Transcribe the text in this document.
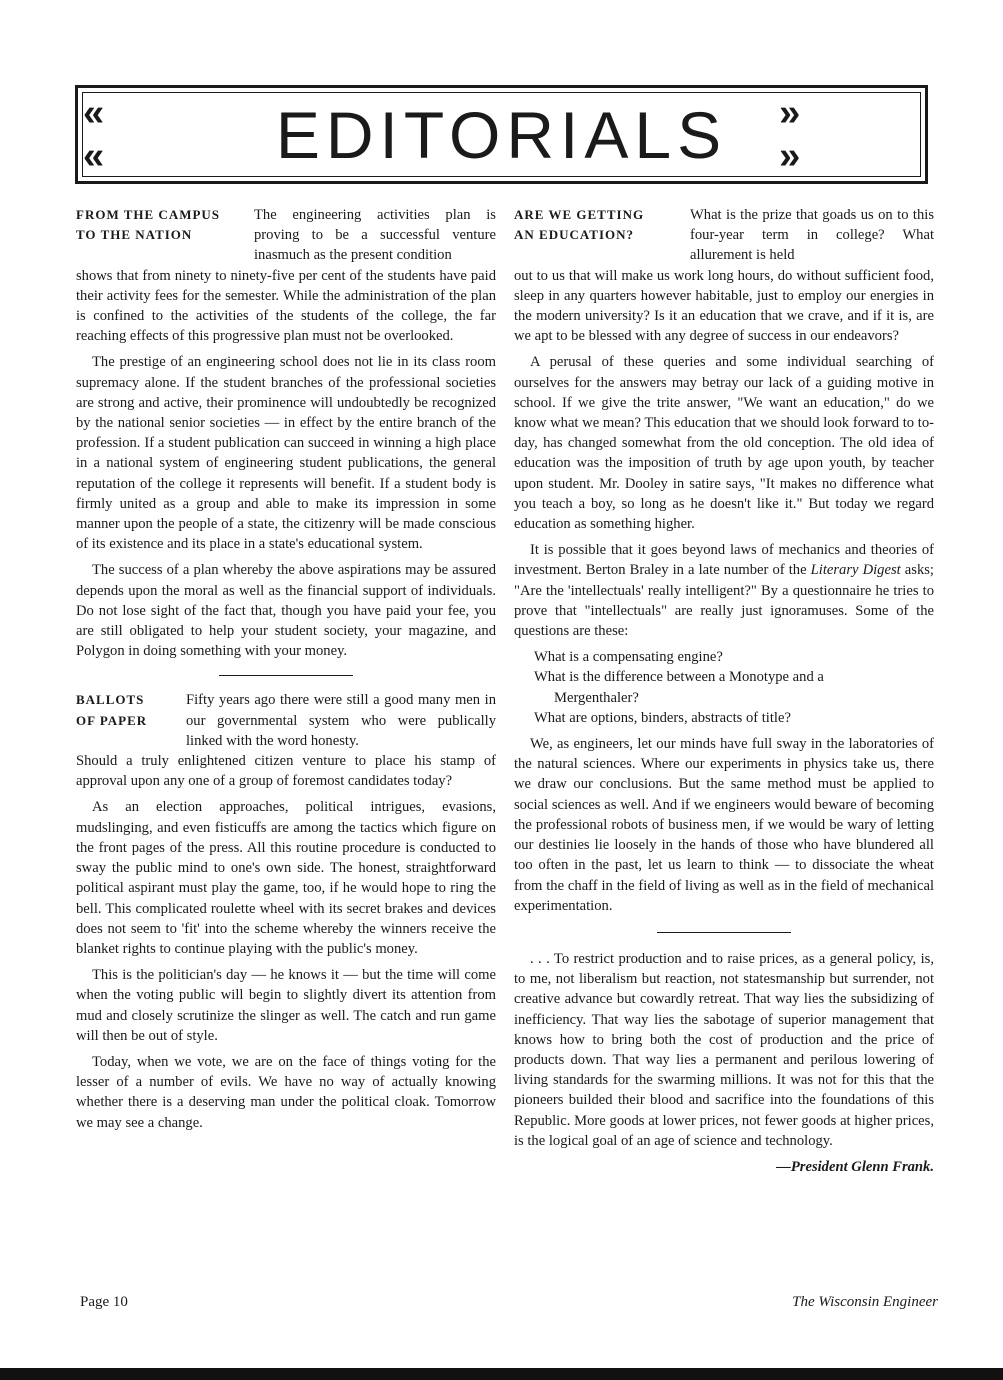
« «	EDITORIALS » »
FROM THE CAMPUS
TO THE NATION
The engineering activities plan is proving to be a successful venture inasmuch as the present condition
shows that from ninety to ninety-five per cent of the students have paid their activity fees for the semester. While the administration of the plan is confined to the activities of the students of the college, the far reaching effects of this progressive plan must not be overlooked.

The prestige of an engineering school does not lie in its class room supremacy alone. If the student branches of the professional societies are strong and active, their prominence will undoubtedly be recognized by the national senior societies — in effect by the entire branch of the profession. If a student publication can succeed in winning a high place in a national system of engineering student publications, the general reputation of the college it represents will benefit. If a student body is firmly united as a group and able to make its impression in some manner upon the people of a state, the citizenry will be made conscious of its existence and its place in a state's educational system.

The success of a plan whereby the above aspirations may be assured depends upon the moral as well as the financial support of individuals. Do not lose sight of the fact that, though you have paid your fee, you are still obligated to help your student society, your magazine, and Polygon in doing something with your money.

BALLOTS
OF PAPER
Fifty years ago there were still a good many men in our governmental system who were publically linked with the word honesty.
Should a truly enlightened citizen venture to place his stamp of approval upon any one of a group of foremost candidates today?

As an election approaches, political intrigues, evasions, mudslinging, and even fisticuffs are among the tactics which figure on the front pages of the press. All this routine procedure is conducted to sway the public mind to one's own side. The honest, straightforward political aspirant must play the game, too, if he would hope to ring the bell. This complicated roulette wheel with its secret brakes and devices does not seem to 'fit' into the scheme whereby the winners receive the blanket rights to continue playing with the public's money.

This is the politician's day — he knows it — but the time will come when the voting public will begin to slightly divert its attention from mud and closely scrutinize the slinger as well. The catch and run game will then be out of style.

Today, when we vote, we are on the face of things voting for the lesser of a number of evils. We have no way of actually knowing whether there is a deserving man under the political cloak. Tomorrow we may see a change.

ARE WE GETTING
AN EDUCATION?
What is the prize that goads us on to this four-year term in college? What allurement is held
out to us that will make us work long hours, do without sufficient food, sleep in any quarters however habitable, just to employ our energies in the modern university? Is it an education that we crave, and if it is, are we apt to be blessed with any degree of success in our endeavors?

A perusal of these queries and some individual searching of ourselves for the answers may betray our lack of a guiding motive in school. If we give the trite answer, "We want an education," do we know what we mean? This education that we should look forward to to-day, has changed somewhat from the old conception. The old idea of education was the imposition of truth by age upon youth, by teacher upon student. Mr. Dooley in satire says, "It makes no difference what you teach a boy, so long as he doesn't like it." But today we regard education as something higher.

It is possible that it goes beyond laws of mechanics and theories of investment. Berton Braley in a late number of the Literary Digest asks; "Are the 'intellectuals' really intelligent?" By a questionnaire he tries to prove that "intellectuals" are really just ignoramuses. Some of the questions are these:

What is a compensating engine?
What is the difference between a Monotype and a
Mergenthaler?
What are options, binders, abstracts of title?

We, as engineers, let our minds have full sway in the laboratories of the natural sciences. Where our experiments in physics take us, there we draw our conclusions. But the same method must be applied to social sciences as well. And if we engineers would beware of becoming the professional robots of business men, if we would be wary of letting our destinies lie loosely in the hands of those who have blundered all too often in the past, let us learn to think — to dissociate the wheat from the chaff in the field of living as well as in the field of mechanical experimentation.

. . . To restrict production and to raise prices, as a general policy, is, to me, not liberalism but reaction, not statesmanship but surrender, not creative advance but cowardly retreat. That way lies the subsidizing of inefficiency. That way lies the sabotage of superior management that knows how to bring both the cost of production and the price of products down. That way lies a permanent and perilous lowering of living standards for the swarming millions. It was not for this that the pioneers builded their blood and sacrifice into the foundations of this Republic. More goods at lower prices, not fewer goods at higher prices, is the logical goal of an age of science and technology.

—President Glenn Frank.
Page 10	The Wisconsin Engineer
